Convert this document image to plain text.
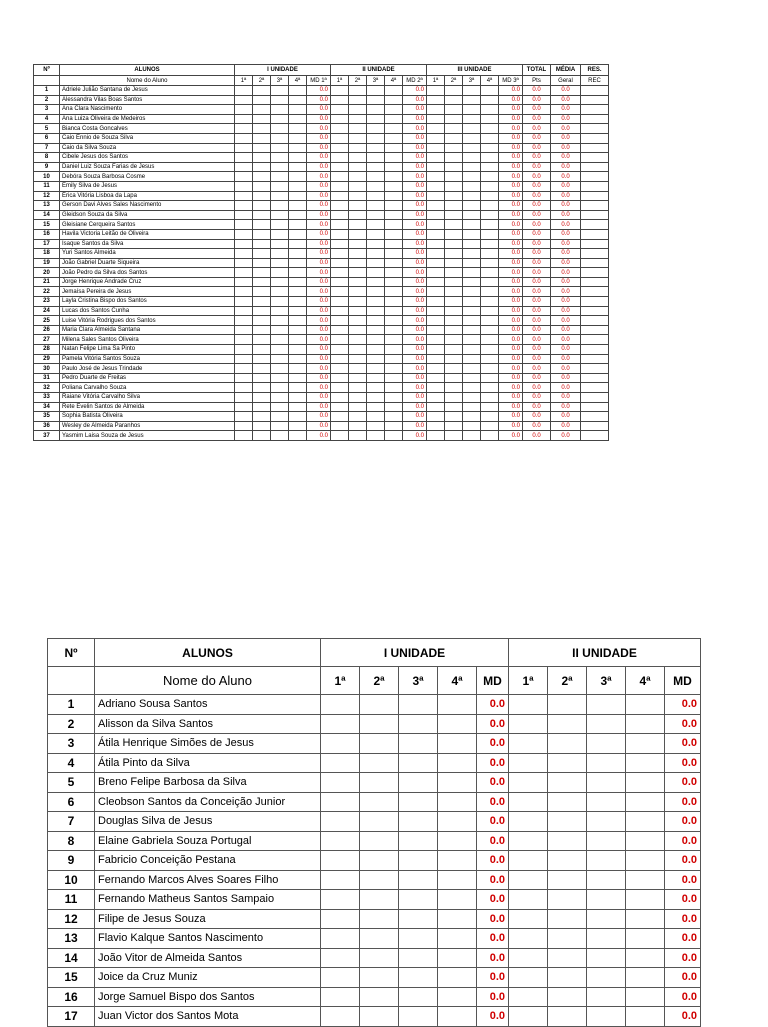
Nº	ALUNOS	I UNIDADE					II UNIDADE					III UNIDADE					TOTAL	MÉDIA	RES.
	Nome do Aluno	1ª	2ª	3ª	4ª	MD 1ª	1ª	2ª	3ª	4ª	MD 2ª	1ª	2ª	3ª	4ª	MD 3ª	Pts	Geral	REC
1	Adriele Julião Santana de Jesus					0.0					0.0					0.0	0.0	0.0	
2	Alessandra Vilas Boas Santos					0.0					0.0					0.0	0.0	0.0	
3	Ana Clara Nascimento					0.0					0.0					0.0	0.0	0.0	
4	Ana Luiza Oliveira de Medeiros					0.0					0.0					0.0	0.0	0.0	
5	Bianca Costa Goncalves					0.0					0.0					0.0	0.0	0.0	
6	Caio Ennio de Souza Silva					0.0					0.0					0.0	0.0	0.0	
7	Caio da Silva Souza					0.0					0.0					0.0	0.0	0.0	
8	Cibele Jesus dos Santos					0.0					0.0					0.0	0.0	0.0	
9	Daniel Luiz Souza Farias de Jesus					0.0					0.0					0.0	0.0	0.0	
10	Debóra Souza Barbosa Cosme					0.0					0.0					0.0	0.0	0.0	
11	Emily Silva de Jesus					0.0					0.0					0.0	0.0	0.0	
12	Érica Vitória Lisboa da Lapa					0.0					0.0					0.0	0.0	0.0	
13	Gerson Davi Alves Sales Nascimento					0.0					0.0					0.0	0.0	0.0	
14	Gleidson Souza da Silva					0.0					0.0					0.0	0.0	0.0	
15	Gleisiane Cerqueira Santos					0.0					0.0					0.0	0.0	0.0	
16	Havila Victoria Leitão de Oliveira					0.0					0.0					0.0	0.0	0.0	
17	Isaque Santos da Silva					0.0					0.0					0.0	0.0	0.0	
18	Yuri Santos Almeida					0.0					0.0					0.0	0.0	0.0	
19	João Gabriel Duarte Siqueira					0.0					0.0					0.0	0.0	0.0	
20	João Pedro da Silva dos Santos					0.0					0.0					0.0	0.0	0.0	
21	Jorge Henrique Andrade Cruz					0.0					0.0					0.0	0.0	0.0	
22	Jemaísa Pereira de Jesus					0.0					0.0					0.0	0.0	0.0	
23	Layla Cristina Bispo dos Santos					0.0					0.0					0.0	0.0	0.0	
24	Lucas dos Santos Cunha					0.0					0.0					0.0	0.0	0.0	
25	Luise Vitória Rodrigues dos Santos					0.0					0.0					0.0	0.0	0.0	
26	Maria Clara Almeida Santana					0.0					0.0					0.0	0.0	0.0	
27	Milena Sales Santos Oliveira					0.0					0.0					0.0	0.0	0.0	
28	Natan Felipe Lima Sa Pinto					0.0					0.0					0.0	0.0	0.0	
29	Pamela Vitória Santos Souza					0.0					0.0					0.0	0.0	0.0	
30	Paulo José de Jesus Trindade					0.0					0.0					0.0	0.0	0.0	
31	Pedro Duarte de Freitas					0.0					0.0					0.0	0.0	0.0	
32	Poliana Carvalho Souza					0.0					0.0					0.0	0.0	0.0	
33	Raiane Vitória Carvalho Silva					0.0					0.0					0.0	0.0	0.0	
34	Rete Evelin Santos de Almeida					0.0					0.0					0.0	0.0	0.0	
35	Sophia Batista Oliveira					0.0					0.0					0.0	0.0	0.0	
36	Wesley de Almeida Paranhos					0.0					0.0					0.0	0.0	0.0	
37	Yasmim Laisa Souza de Jesus					0.0					0.0					0.0	0.0	0.0	
Nº	ALUNOS	I UNIDADE					II UNIDADE				
	Nome do Aluno	1ª	2ª	3ª	4ª	MD	1ª	2ª	3ª	4ª	MD
1	Adriano Sousa Santos					0.0					0.0
2	Alisson da Silva Santos					0.0					0.0
3	Átila Henrique Simões de Jesus					0.0					0.0
4	Átila Pinto da Silva					0.0					0.0
5	Breno Felipe Barbosa da Silva					0.0					0.0
6	Cleobson Santos da Conceição Junior					0.0					0.0
7	Douglas Silva de Jesus					0.0					0.0
8	Elaine Gabriela Souza Portugal					0.0					0.0
9	Fabricio Conceição Pestana					0.0					0.0
10	Fernando Marcos Alves Soares Filho					0.0					0.0
11	Fernando Matheus Santos Sampaio					0.0					0.0
12	Filipe de Jesus Souza					0.0					0.0
13	Flavio Kalque Santos Nascimento					0.0					0.0
14	João Vitor de Almeida Santos					0.0					0.0
15	Joice da Cruz Muniz					0.0					0.0
16	Jorge Samuel Bispo dos Santos					0.0					0.0
17	Juan Victor dos Santos Mota					0.0					0.0
